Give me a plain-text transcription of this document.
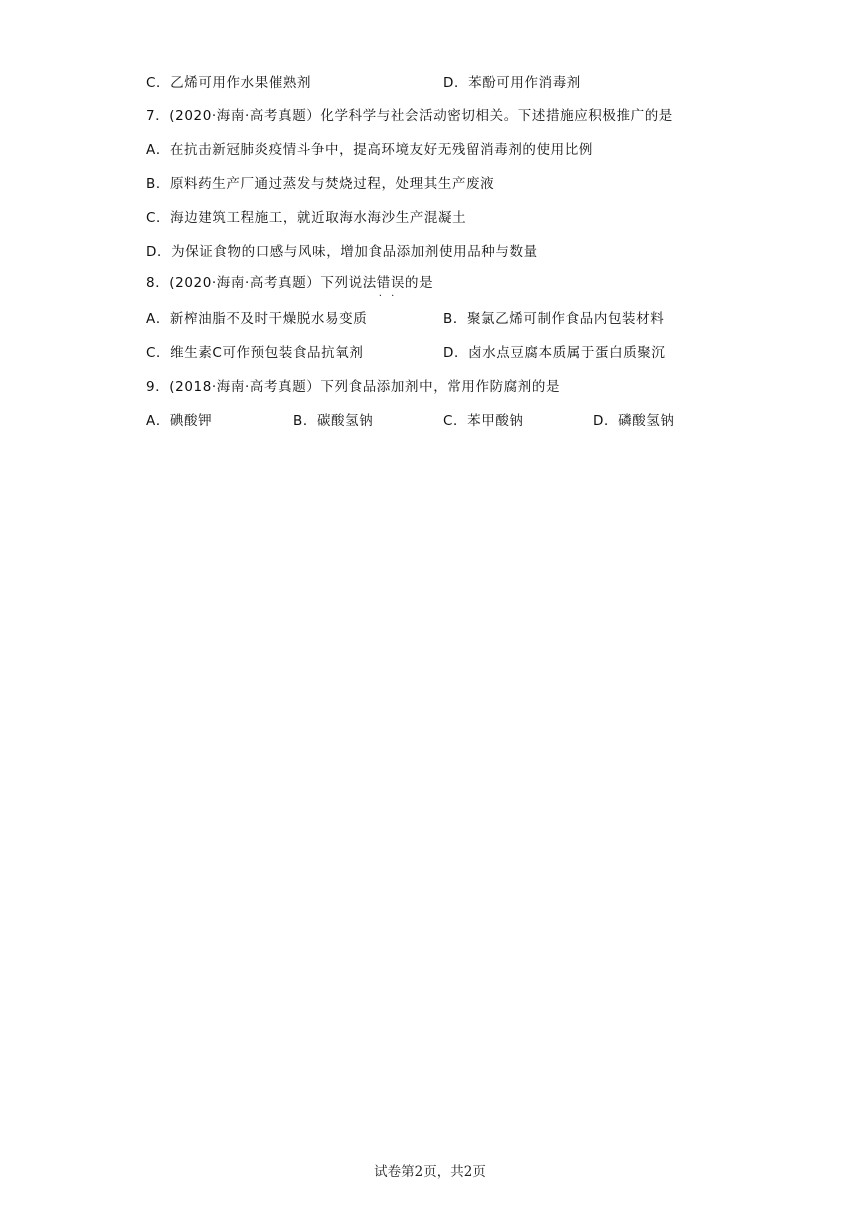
C．乙烯可用作水果催熟剂	D．苯酚可用作消毒剂
7．(2020·海南·高考真题）化学科学与社会活动密切相关。下述措施应积极推广的是
A．在抗击新冠肺炎疫情斗争中，提高环境友好无残留消毒剂的使用比例
B．原料药生产厂通过蒸发与焚烧过程，处理其生产废液
C．海边建筑工程施工，就近取海水海沙生产混凝土
D．为保证食物的口感与风味，增加食品添加剂使用品种与数量
8．(2020·海南·高考真题）下列说法错误 · ·的是
A．新榨油脂不及时干燥脱水易变质	B．聚氯乙烯可制作食品内包装材料
C．维生素C可作预包装食品抗氧剂	D．卤水点豆腐本质属于蛋白质聚沉
9．(2018·海南·高考真题）下列食品添加剂中，常用作防腐剂的是
A．碘酸钾	B．碳酸氢钠	C．苯甲酸钠	D．磷酸氢钠
试卷第2页，共2页
